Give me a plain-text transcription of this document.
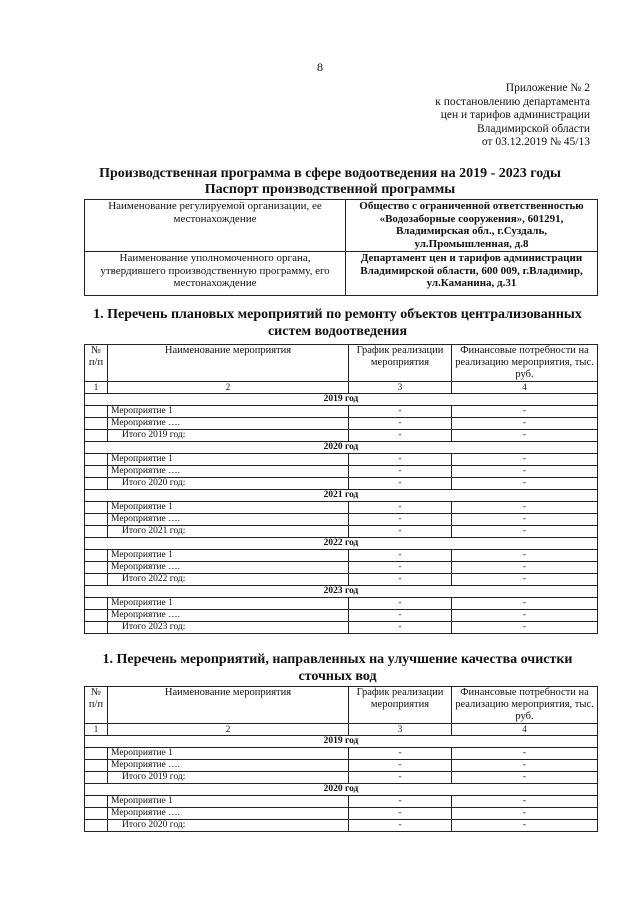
8
Приложение № 2
к постановлению департамента
цен и тарифов администрации
Владимирской области
от 03.12.2019 № 45/13
Производственная программа в сфере водоотведения на 2019 - 2023 годы
Паспорт производственной программы
Наименование регулируемой организации, ее местонахождение	Общество с ограниченной ответственностью «Водозаборные сооружения», 601291, Владимирская обл., г.Суздаль, ул.Промышленная, д.8
Наименование уполномоченного органа, утвердившего производственную программу, его местонахождение	Департамент цен и тарифов администрации Владимирской области, 600 009, г.Владимир, ул.Каманина, д.31
1. Перечень плановых мероприятий по ремонту объектов централизованных систем водоотведения
№ п/п	Наименование мероприятия	График реализации мероприятия	Финансовые потребности на реализацию мероприятия, тыс. руб.
1	2	3	4
2019 год			
	Мероприятие 1	-	-
	Мероприятие ….	-	-
	Итого 2019 год:	-	-
2020 год			
	Мероприятие 1	-	-
	Мероприятие ….	-	-
	Итого 2020 год:	-	-
2021 год			
	Мероприятие 1	-	-
	Мероприятие ….	-	-
	Итого 2021 год:	-	-
2022 год			
	Мероприятие 1	-	-
	Мероприятие ….	-	-
	Итого 2022 год:	-	-
2023 год			
	Мероприятие 1	-	-
	Мероприятие ….	-	-
	Итого 2023 год:	-	-
1. Перечень мероприятий, направленных на улучшение качества очистки сточных вод
№ п/п	Наименование мероприятия	График реализации мероприятия	Финансовые потребности на реализацию мероприятия, тыс. руб.
1	2	3	4
2019 год			
	Мероприятие 1	-	-
	Мероприятие ….	-	-
	Итого 2019 год:	-	-
2020 год			
	Мероприятие 1	-	-
	Мероприятие ….	-	-
	Итого 2020 год:	-	-
